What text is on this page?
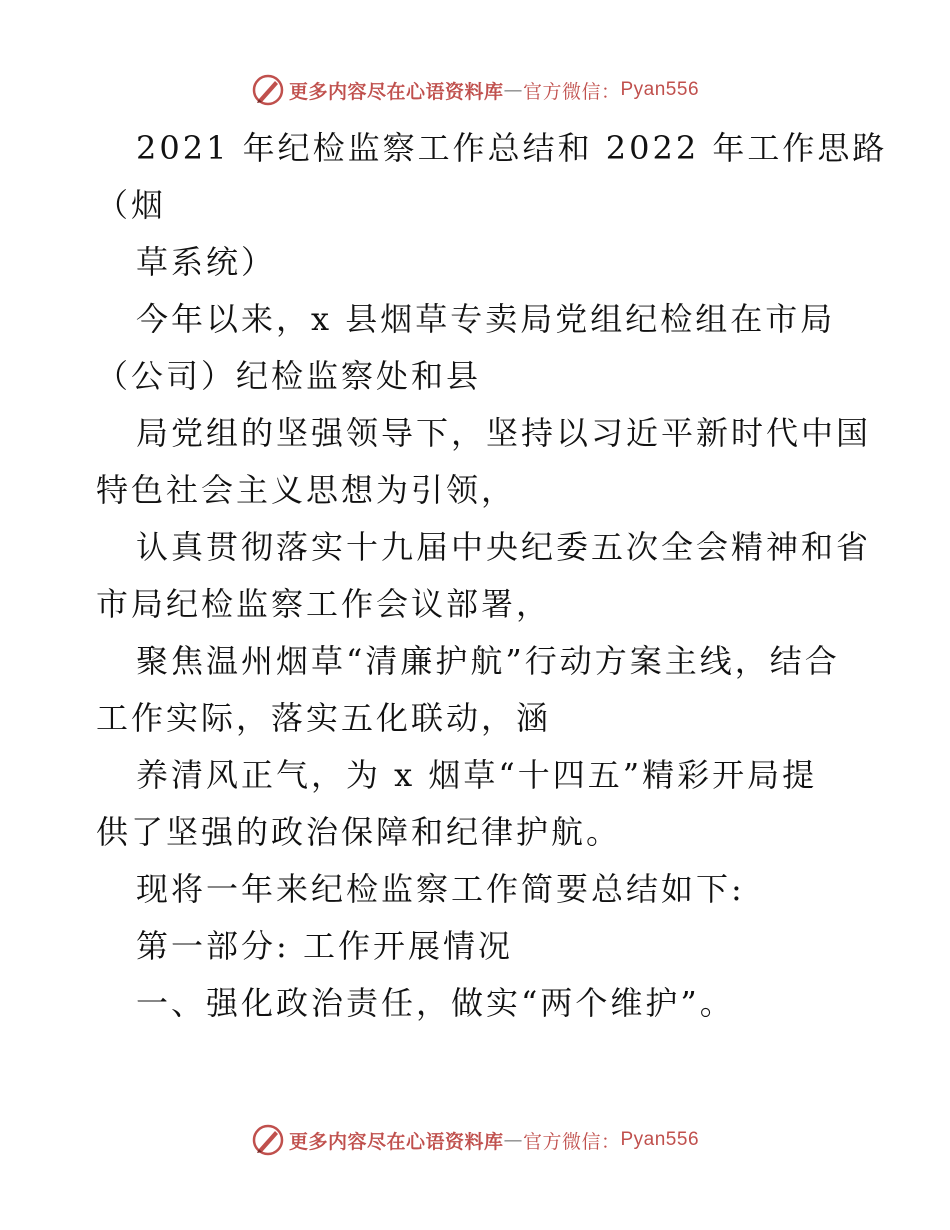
更多内容尽在心语资料库 — 官方微信： Pyan556

2021 年纪检监察工作总结和 2022 年工作思路

（烟

草系统）

今年以来，x 县烟草专卖局党组纪检组在市局

（公司）纪检监察处和县

局党组的坚强领导下，坚持以习近平新时代中国

特色社会主义思想为引领，

认真贯彻落实十九届中央纪委五次全会精神和省

市局纪检监察工作会议部署，

聚焦温州烟草“清廉护航”行动方案主线，结合

工作实际，落实五化联动，涵

养清风正气，为 x 烟草“十四五”精彩开局提

供了坚强的政治保障和纪律护航。

现将一年来纪检监察工作简要总结如下:

第一部分: 工作开展情况

一、强化政治责任，做实“两个维护”。

更多内容尽在心语资料库 — 官方微信： Pyan556
